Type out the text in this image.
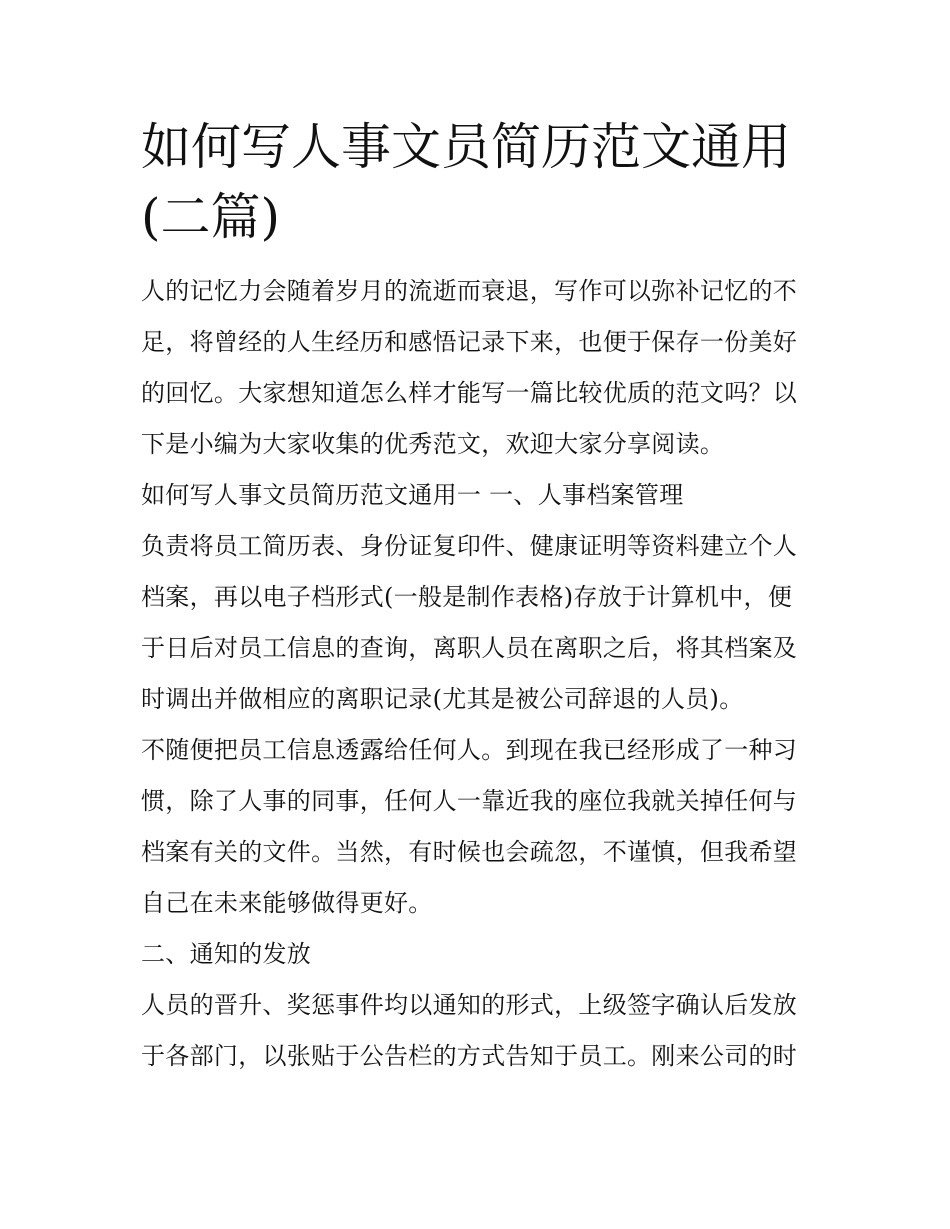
如何写人事文员简历范文通用(二篇)

人的记忆力会随着岁月的流逝而衰退，写作可以弥补记忆的不足，将曾经的人生经历和感悟记录下来，也便于保存一份美好的回忆。大家想知道怎么样才能写一篇比较优质的范文吗？以下是小编为大家收集的优秀范文，欢迎大家分享阅读。

如何写人事文员简历范文通用一 一、人事档案管理

负责将员工简历表、身份证复印件、健康证明等资料建立个人档案，再以电子档形式(一般是制作表格)存放于计算机中，便于日后对员工信息的查询，离职人员在离职之后，将其档案及时调出并做相应的离职记录(尤其是被公司辞退的人员)。

不随便把员工信息透露给任何人。到现在我已经形成了一种习惯，除了人事的同事，任何人一靠近我的座位我就关掉任何与档案有关的文件。当然，有时候也会疏忽，不谨慎，但我希望自己在未来能够做得更好。

二、通知的发放

人员的晋升、奖惩事件均以通知的形式，上级签字确认后发放于各部门，以张贴于公告栏的方式告知于员工。刚来公司的时
